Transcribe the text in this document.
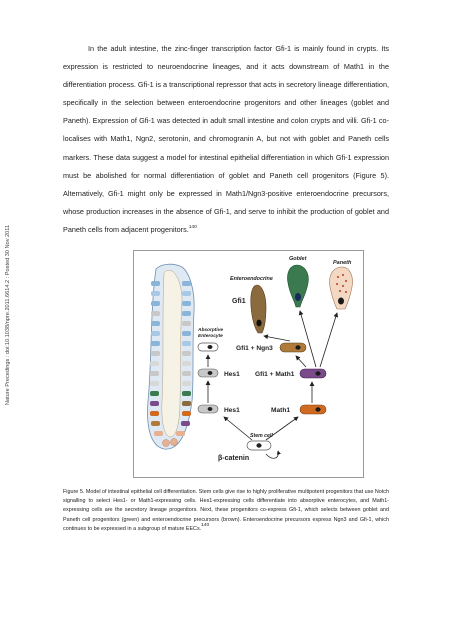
Nature Precedings : doi:10.1038/npre.2011.6614.2 : Posted 30 Nov 2011

In the adult intestine, the zinc-finger transcription factor Gfi-1 is mainly found in crypts. Its expression is restricted to neuroendocrine lineages, and it acts downstream of Math1 in the differentiation process. Gfi-1 is a transcriptional repressor that acts in secretory lineage differentiation, specifically in the selection between enteroendocrine progenitors and other lineages (goblet and Paneth). Expression of Gfi-1 was detected in adult small intestine and colon crypts and villi. Gfi-1 co-localises with Math1, Ngn2, serotonin, and chromogranin A, but not with goblet and Paneth cells markers. These data suggest a model for intestinal epithelial differentiation in which Gfi-1 expression must be abolished for normal differentiation of goblet and Paneth cell progenitors (Figure 5). Alternatively, Gfi-1 might only be expressed in Math1/Ngn3-positive enteroendocrine precursors, whose production increases in the absence of Gfi-1, and serve to inhibit the production of goblet and Paneth cells from adjacent progenitors.$^{140}$

Goblet
Paneth
Enteroendocrine
Gfi1
Absorptive
Enterocyte
Gfi1 + Ngn3
Hes1 Gfi1 + Math1
Hes1	Math1
Stem cell
β-catenin

Figure 5. Model of intestinal epithelial cell differentiation. Stem cells give rise to highly proliferative multipotent progenitors that use Notch signalling to select Hes1- or Math1-expressing cells. Hes1-expressing cells differentiate into absorptive enterocytes, and Math1-expressing cells are the secretory lineage progenitors. Next, these progenitors co-express Gfi-1, which selects between goblet and Paneth cell progenitors (green) and enteroendocrine precursors (brown). Enteroendocrine precursors express Ngn3 and Gfi-1, which continues to be expressed in a subgroup of mature EECs.$^{140}$
